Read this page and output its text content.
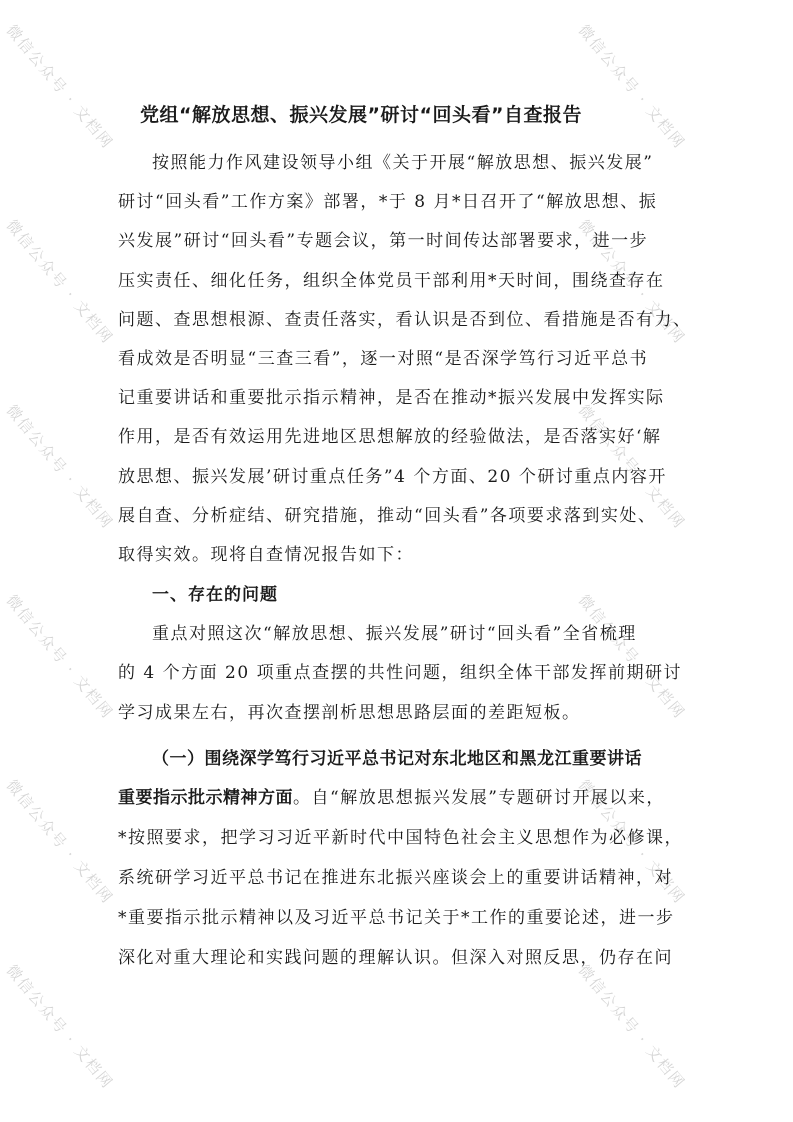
微信公众号 · 文档网	微信公众号 · 文档网
微信公众号 · 文档网	微信公众号 · 文档网
微信公众号 · 文档网	微信公众号 · 文档网
微信公众号 · 文档网	微信公众号 · 文档网
微信公众号 · 文档网	微信公众号 · 文档网
微信公众号 · 文档网	微信公众号 · 文档网
党组“解放思想、振兴发展”研讨“回头看”自查报告
按照能力作风建设领导小组《关于开展“解放思想、振兴发展”
研讨“回头看”工作方案》部署，*于 8 月*日召开了“解放思想、振
兴发展”研讨“回头看”专题会议，第一时间传达部署要求，进一步
压实责任、细化任务，组织全体党员干部利用*天时间，围绕查存在
问题、查思想根源、查责任落实，看认识是否到位、看措施是否有力、
看成效是否明显“三查三看”，逐一对照“是否深学笃行习近平总书
记重要讲话和重要批示指示精神，是否在推动*振兴发展中发挥实际
作用，是否有效运用先进地区思想解放的经验做法，是否落实好‘解
放思想、振兴发展’研讨重点任务”4 个方面、20 个研讨重点内容开
展自查、分析症结、研究措施，推动“回头看”各项要求落到实处、
取得实效。现将自查情况报告如下：
一、存在的问题
重点对照这次“解放思想、振兴发展”研讨“回头看”全省梳理
的 4 个方面 20 项重点查摆的共性问题，组织全体干部发挥前期研讨
学习成果左右，再次查摆剖析思想思路层面的差距短板。
（一）围绕深学笃行习近平总书记对东北地区和黑龙江重要讲话
重要指示批示精神方面。自“解放思想振兴发展”专题研讨开展以来，
*按照要求，把学习习近平新时代中国特色社会主义思想作为必修课，
系统研学习近平总书记在推进东北振兴座谈会上的重要讲话精神，对
*重要指示批示精神以及习近平总书记关于*工作的重要论述，进一步
深化对重大理论和实践问题的理解认识。但深入对照反思，仍存在问
